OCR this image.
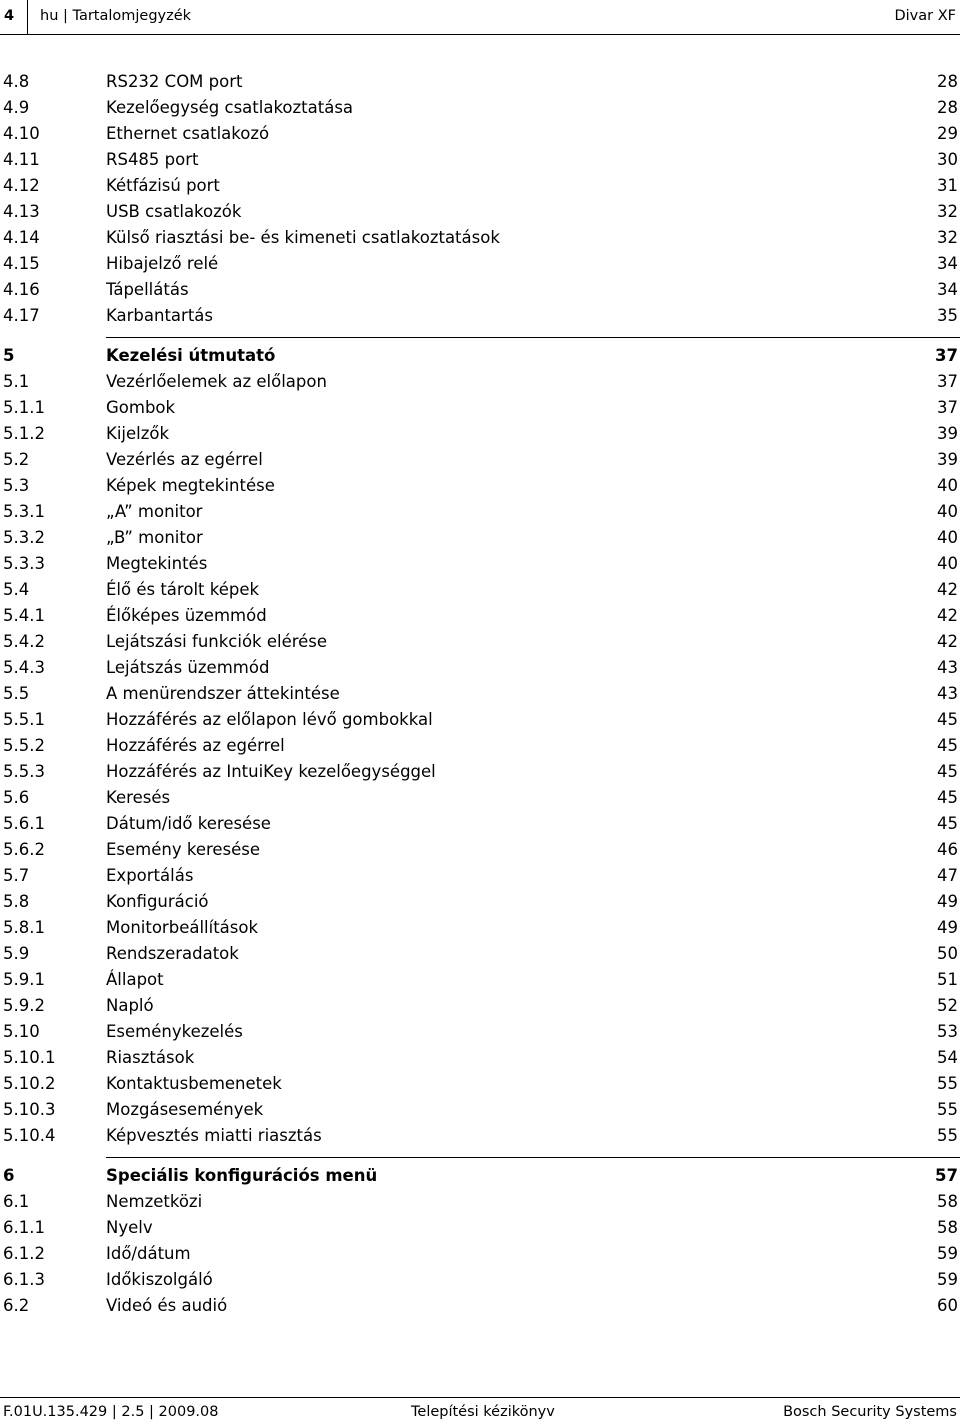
4 hu | Tartalomjegyzék	Divar XF
4.8	RS232 COM port	28
4.9	Kezelőegység csatlakoztatása	28
4.10	Ethernet csatlakozó	29
4.11	RS485 port	30
4.12	Kétfázisú port	31
4.13	USB csatlakozók	32
4.14	Külső riasztási be- és kimeneti csatlakoztatások	32
4.15	Hibajelző relé	34
4.16	Tápellátás	34
4.17	Karbantartás	35
5	Kezelési útmutató	37
5.1	Vezérlőelemek az előlapon	37
5.1.1	Gombok	37
5.1.2	Kijelzők	39
5.2	Vezérlés az egérrel	39
5.3	Képek megtekintése	40
5.3.1	„A” monitor	40
5.3.2	„B” monitor	40
5.3.3	Megtekintés	40
5.4	Élő és tárolt képek	42
5.4.1	Élőképes üzemmód	42
5.4.2	Lejátszási funkciók elérése	42
5.4.3	Lejátszás üzemmód	43
5.5	A menürendszer áttekintése	43
5.5.1	Hozzáférés az előlapon lévő gombokkal	45
5.5.2	Hozzáférés az egérrel	45
5.5.3	Hozzáférés az IntuiKey kezelőegységgel	45
5.6	Keresés	45
5.6.1	Dátum/idő keresése	45
5.6.2	Esemény keresése	46
5.7	Exportálás	47
5.8	Konfiguráció	49
5.8.1	Monitorbeállítások	49
5.9	Rendszeradatok	50
5.9.1	Állapot	51
5.9.2	Napló	52
5.10	Eseménykezelés	53
5.10.1	Riasztások	54
5.10.2	Kontaktusbemenetek	55
5.10.3	Mozgásesemények	55
5.10.4	Képvesztés miatti riasztás	55
6	Speciális konfigurációs menü	57
6.1	Nemzetközi	58
6.1.1	Nyelv	58
6.1.2	Idő/dátum	59
6.1.3	Időkiszolgáló	59
6.2	Videó és audió	60
F.01U.135.429 | 2.5 | 2009.08	Telepítési kézikönyv	Bosch Security Systems
